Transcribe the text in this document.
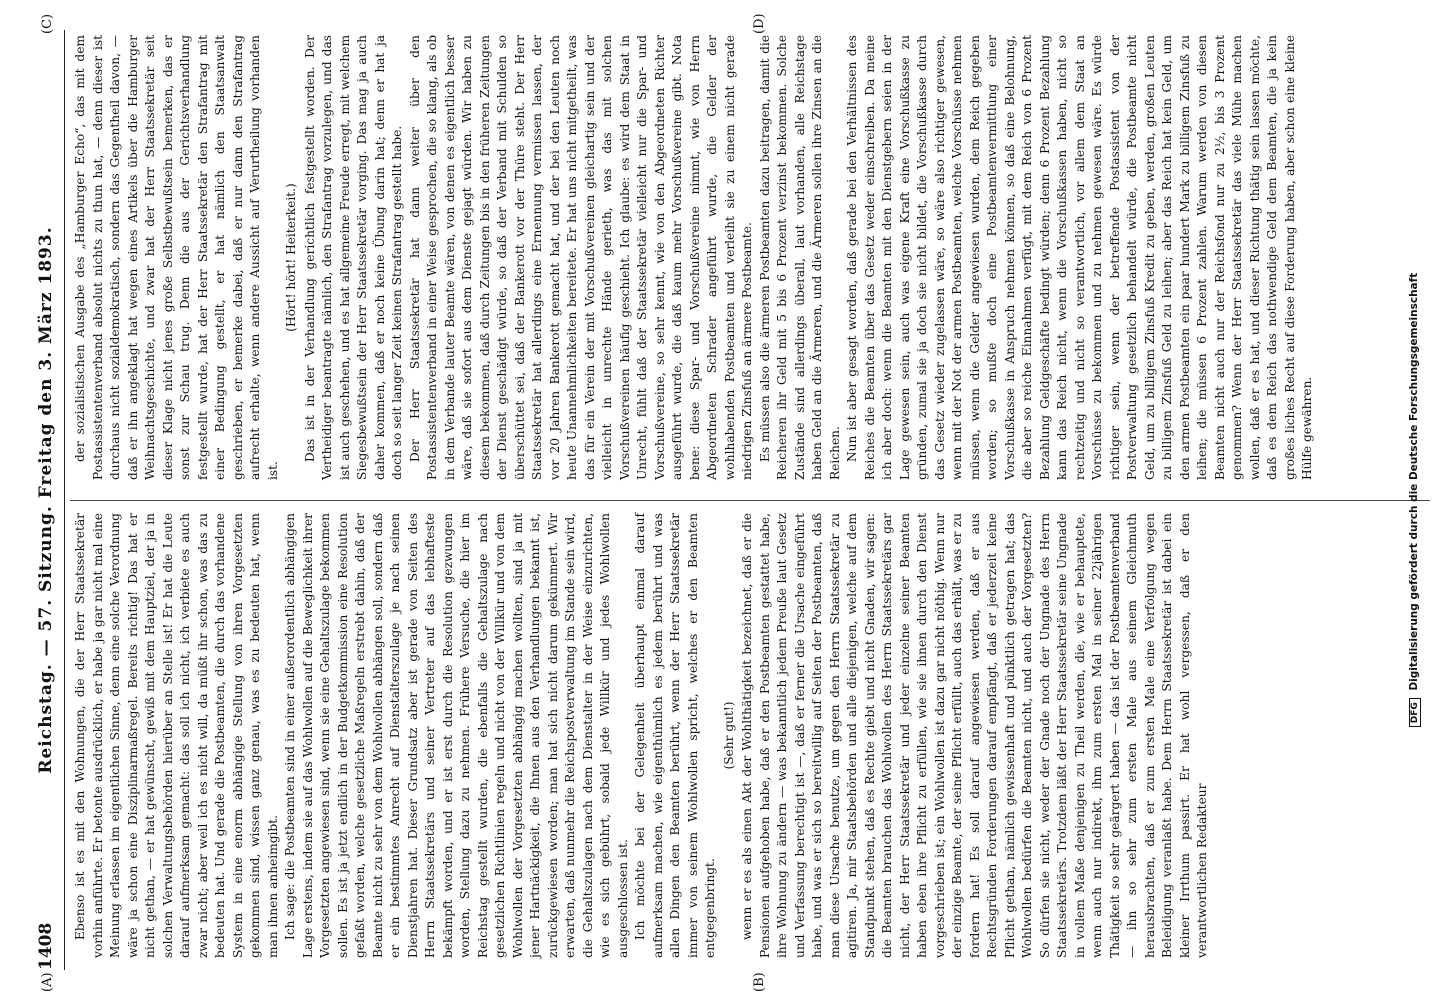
1408
Reichstag. — 57. Sitzung. Freitag den 3. März 1893.
(A)	(B)
(C)	(D)

Ebenso ist es mit den Wohnungen, die der Herr Staatssekretär vorhin anführte. Er betonte ausdrücklich, er habe ja gar nicht mal eine Meinung erlassen im eigentlichen Sinne, denn eine solche Verordnung wäre ja schon eine Disziplinarmaßregel. Bereits richtig! Das hat er nicht gethan, — er hat gewünscht, gewiß mit dem Hauptziel, der ja in solchen Verwaltungsbehörden hierüber an Stelle ist! Er hat die Leute darauf aufmerksam gemacht: das soll ich nicht, ich verbiete es auch zwar nicht; aber weil ich es nicht will, da müßt ihr schon, was das zu bedeuten hat. Und gerade die Postbeamten, die durch das vorhandene System in eine enorm abhängige Stellung von ihren Vorgesetzten gekommen sind, wissen ganz genau, was es zu bedeuten hat, wenn man ihnen anheimgibt. Ich sage: die Postbeamten sind in einer außerordentlich abhängigen Lage erstens, indem sie auf das Wohlwollen auf die Beweglichkeit ihrer Vorgesetzten angewiesen sind, wenn sie eine Gehaltszulage bekommen sollen. Es ist ja jetzt endlich in der Budgetkommission eine Resolution gefaßt worden, welche gesetzliche Maßregeln erstrebt dahin, daß der Beamte nicht zu sehr von dem Wohlwollen abhängen soll, sondern daß er ein bestimmtes Anrecht auf Dienstalterszulage je nach seinen Dienstjahren hat. Dieser Grundsatz aber ist gerade von Seiten des Herrn Staatssekretärs und seiner Vertreter auf das lebhafteste bekämpft worden, und er ist erst durch die Resolution gezwungen worden, Stellung dazu zu nehmen. Frühere Versuche, die hier im Reichstag gestellt wurden, die ebenfalls die Gehaltszulage nach gesetzlichen Richtlinien regeln und nicht von der Willkür und von dem Wohlwollen der Vorgesetzten abhängig machen wollten, sind ja mit jener Hartnäckigkeit, die Ihnen aus den Verhandlungen bekannt ist, zurückgewiesen worden; man hat sich nicht darum gekümmert. Wir erwarten, daß nunmehr die Reichspostverwaltung im Stande sein wird, die Gehaltszulagen nach dem Dienstalter in der Weise einzurichten, wie es sich gebührt, sobald jede Willkür und jedes Wohlwollen ausgeschlossen ist. Ich möchte bei der Gelegenheit überhaupt einmal darauf aufmerksam machen, wie eigenthümlich es jedem berührt und was allen Dingen den Beamten berührt, wenn der Herr Staatssekretär immer von seinem Wohlwollen spricht, welches er den Beamten entgegenbringt.

(Sehr gut!) wenn er es als einen Akt der Wohlthätigkeit bezeichnet, daß er die Pensionen aufgehoben habe, daß er den Postbeamten gestattet habe, ihre Wohnung zu ändern — was bekanntlich jedem Preuße laut Gesetz und Verfassung berechtigt ist —, daß er ferner die Ursache eingeführt habe, und was er sich so bereitwillig auf Seiten der Postbeamten, daß man diese Ursache benutze, um gegen den Herrn Staatssekretär zu agitiren. Ja, mir Staatsbehörden und alle diejenigen, welche auf dem Standpunkt stehen, daß es Rechte giebt und nicht Gnaden, wir sagen: die Beamten brauchen das Wohlwollen des Herrn Staatssekretärs gar nicht, der Herr Staatssekretär und jeder einzelne seiner Beamten haben eben ihre Pflicht zu erfüllen, wie sie ihnen durch den Dienst vorgeschrieben ist; ein Wohlwollen ist dazu gar nicht nöthig. Wenn nur der einzige Beamte, der seine Pflicht erfüllt, auch das erhält, was er zu fordern hat! Es soll darauf angewiesen werden, daß er aus Rechtsgründen Forderungen darauf empfängt, daß er jederzeit keine Pflicht gethan, nämlich gewissenhaft und pünktlich getragen hat; das Wohlwollen bedürfen die Beamten nicht, und auch der Vorgesetzten? So dürfen sie nicht, weder der Gnade noch der Ungnade des Herrn Staatssekretärs. Trotzdem läßt der Herr Staatssekretär seine Ungnade in vollem Maße denjenigen zu Theil werden, die, wie er behauptete, wenn auch nur indirekt, ihm zum ersten Mal in seiner 22jährigen Thätigkeit so sehr geärgert haben — das ist der Postbeamtenverband — ihn so sehr zum ersten Male aus seinem Gleichmuth herausbrachten, daß er zum ersten Male eine Verfolgung wegen Beleidigung veranlaßt habe. Dem Herrn Staatssekretär ist dabei ein kleiner Irrthum passirt. Er hat wohl vergessen, daß er den verantwortlichen Redakteur

der sozialistischen Ausgabe des „Hamburger Echo“, das mit dem Postassistentenverband absolut nichts zu thun hat, — denn dieser ist durchaus nicht sozialdemokratisch, sondern das Gegentheil davon, — daß er ihn angeklagt hat wegen eines Artikels über die Hamburger Weihnachtsgeschichte, und zwar hat der Herr Staatssekretär seit dieser Klage nicht jenes große Selbstbewußtsein bemerken, das er sonst zur Schau trug. Denn die aus der Gerichtsverhandlung festgestellt wurde, hat der Herr Staatssekretär den Strafantrag mit einer Bedingung gestellt, er hat nämlich den Staatsanwalt geschrieben, er bemerke dabei, daß er nur dann den Strafantrag aufrecht erhalte, wenn andere Aussicht auf Verurtheilung vorhanden ist.

(Hört! hört! Heiterkeit.) Das ist in der Verhandlung gerichtlich festgestellt worden. Der Vertheidiger beantragte nämlich, den Strafantrag vorzulegen, und das ist auch geschehen, und es hat allgemeine Freude erregt, mit welchem Siegesbewußtsein der Herr Staatssekretär vorging. Das mag ja auch daher kommen, daß er noch keine Übung darin hat; denn er hat ja doch so seit langer Zeit keinen Strafantrag gestellt habe. Der Herr Staatssekretär hat dann weiter über den Postassistentenverband in einer Weise gesprochen, die so klang, als ob in dem Verbande lauter Beamte wären, von denen es eigentlich besser wäre, daß sie sofort aus dem Dienste gejagt würden. Wir haben zu diesem bekommen, daß durch Zeitungen bis in den früheren Zeitungen der Dienst geschädigt würde, so daß der Verband mit Schulden so überschüttet sei, daß der Bankerott vor der Thüre steht. Der Herr Staatssekretär hat allerdings eine Ernennung vermissen lassen, der vor 20 Jahren Bankerott gemacht hat, und der bei den Leuten noch heute Unannehmlichkeiten bereitete. Er hat uns nicht mitgetheilt, was das für ein Verein der mit Vorschußvereinen gleichartig sein und der vielleicht in unrechte Hände gerieth, was das mit solchen Vorschußvereinen häufig geschieht. Ich glaube: es wird dem Staat in Unrecht, fühlt daß der Staatssekretär vielleicht nur die Spar- und Vorschußvereine, so sehr kennt, wie von den Abgeordneten Richter ausgeführt wurde, die daß kaum mehr Vorschußvereine gibt. Nota bene: diese Spar- und Vorschußvereine nimmt, wie von Herrn Abgeordneten Schrader angeführt wurde, die Gelder der wohlhabenden Postbeamten und verleiht sie zu einem nicht gerade niedrigen Zinsfuß an ärmere Postbeamte. Es müssen also die ärmeren Postbeamten dazu beitragen, damit die Reicheren ihr Geld mit 5 bis 6 Prozent verzinst bekommen. Solche Zustände sind allerdings überall, laut vorhanden, alle Reichstage haben Geld an die Ärmeren, und die Ärmeren sollen ihre Zinsen an die Reichen. Nun ist aber gesagt worden, daß gerade bei den Verhältnissen des Reiches die Beamten über das Gesetz weder einschreiben. Da meine ich aber doch: wenn die Beamten mit den Dienstgebern seien in der Lage gewesen sein, auch was eigene Kraft eine Vorschußkasse zu gründen, zumal sie ja doch sie nicht bildet, die Vorschußkasse durch das Gesetz wieder zugelassen wäre, so wäre also richtiger gewesen, wenn mit der Not der armen Postbeamten, welche Vorschüsse nehmen müssen, wenn die Gelder angewiesen wurden, dem Reich gegeben worden; so mußte doch eine Postbeamtenvermittlung einer Vorschußkasse in Anspruch nehmen können, so daß eine Belohnung, die aber so reiche Einnahmen verfügt, mit dem Reich von 6 Prozent Bezahlung Geldgeschäfte bedingt würden; denn 6 Prozent Bezahlung kann das Reich nicht, wenn die Vorschußkassen haben, nicht so rechtzeitig und nicht so verantwortlich, vor allem dem Staat an Vorschüsse zu bekommen und zu nehmen gewesen wäre. Es würde richtiger sein, wenn der betreffende Postassistent von der Postverwaltung gesetzlich behandelt würde, die Postbeamte nicht Geld, um zu billigem Zinsfuß Kredit zu geben, werden, großen Leuten zu billigem Zinsfuß Geld zu leihen; aber das Reich hat kein Geld, um den armen Postbeamten ein paar hundert Mark zu billigem Zinsfuß zu leihen; die müssen 6 Prozent zahlen. Warum werden von diesen Beamten nicht auch nur der Reichsfond nur zu 2½, bis 3 Prozent genommen? Wenn der Herr Staatssekretär das viele Mühe machen wollen, daß er es hat, und dieser Richtung thätig sein lassen möchte, daß es dem Reich das nothwendige Geld dem Beamten, die ja kein großes liches Recht auf diese Forderung haben, aber schon eine kleine Hülfe gewähren.

DFG Digitalisierung gefördert durch die Deutsche Forschungsgemeinschaft
